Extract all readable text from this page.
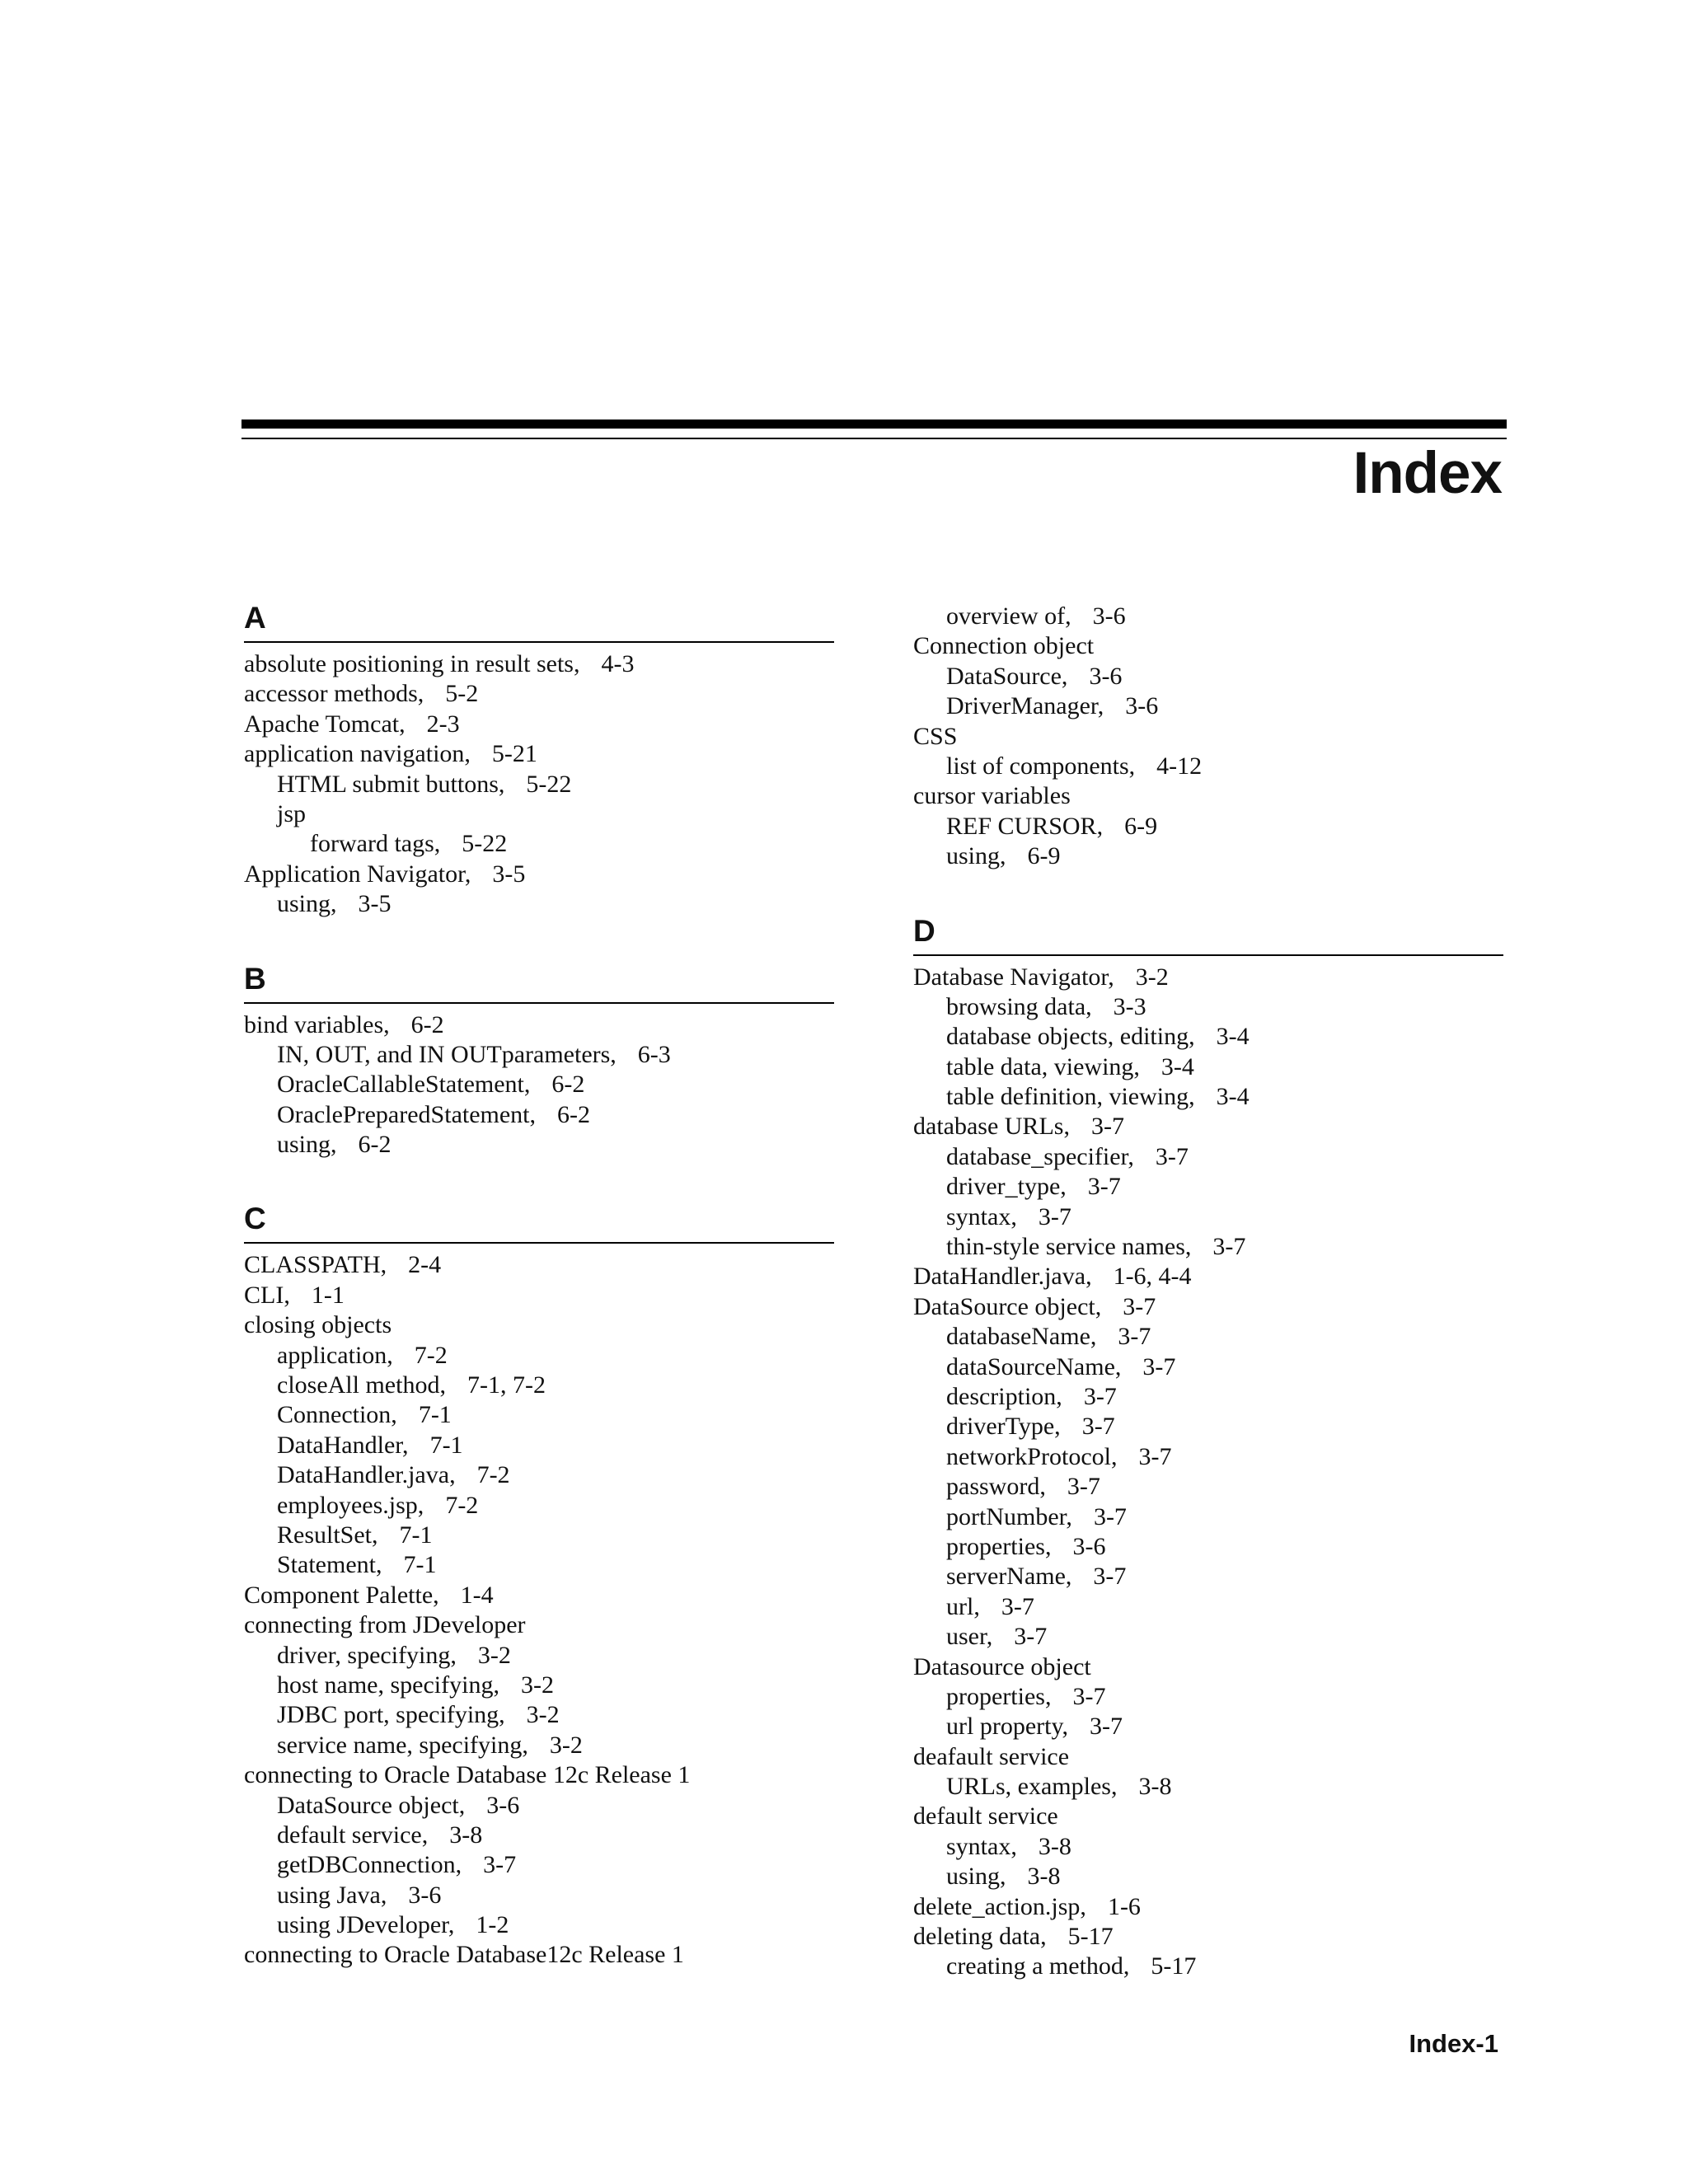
Index
A
absolute positioning in result sets, 4-3
accessor methods, 5-2
Apache Tomcat, 2-3
application navigation, 5-21
HTML submit buttons, 5-22
jsp
forward tags, 5-22
Application Navigator, 3-5
using, 3-5
B
bind variables, 6-2
IN, OUT, and IN OUTparameters, 6-3
OracleCallableStatement, 6-2
OraclePreparedStatement, 6-2
using, 6-2
C
CLASSPATH, 2-4
CLI, 1-1
closing objects
application, 7-2
closeAll method, 7-1, 7-2
Connection, 7-1
DataHandler, 7-1
DataHandler.java, 7-2
employees.jsp, 7-2
ResultSet, 7-1
Statement, 7-1
Component Palette, 1-4
connecting from JDeveloper
driver, specifying, 3-2
host name, specifying, 3-2
JDBC port, specifying, 3-2
service name, specifying, 3-2
connecting to Oracle Database 12c Release 1
DataSource object, 3-6
default service, 3-8
getDBConnection, 3-7
using Java, 3-6
using JDeveloper, 1-2
connecting to Oracle Database12c Release 1
overview of, 3-6
Connection object
DataSource, 3-6
DriverManager, 3-6
CSS
list of components, 4-12
cursor variables
REF CURSOR, 6-9
using, 6-9
D
Database Navigator, 3-2
browsing data, 3-3
database objects, editing, 3-4
table data, viewing, 3-4
table definition, viewing, 3-4
database URLs, 3-7
database_specifier, 3-7
driver_type, 3-7
syntax, 3-7
thin-style service names, 3-7
DataHandler.java, 1-6, 4-4
DataSource object, 3-7
databaseName, 3-7
dataSourceName, 3-7
description, 3-7
driverType, 3-7
networkProtocol, 3-7
password, 3-7
portNumber, 3-7
properties, 3-6
serverName, 3-7
url, 3-7
user, 3-7
Datasource object
properties, 3-7
url property, 3-7
deafault service
URLs, examples, 3-8
default service
syntax, 3-8
using, 3-8
delete_action.jsp, 1-6
deleting data, 5-17
creating a method, 5-17
Index-1
